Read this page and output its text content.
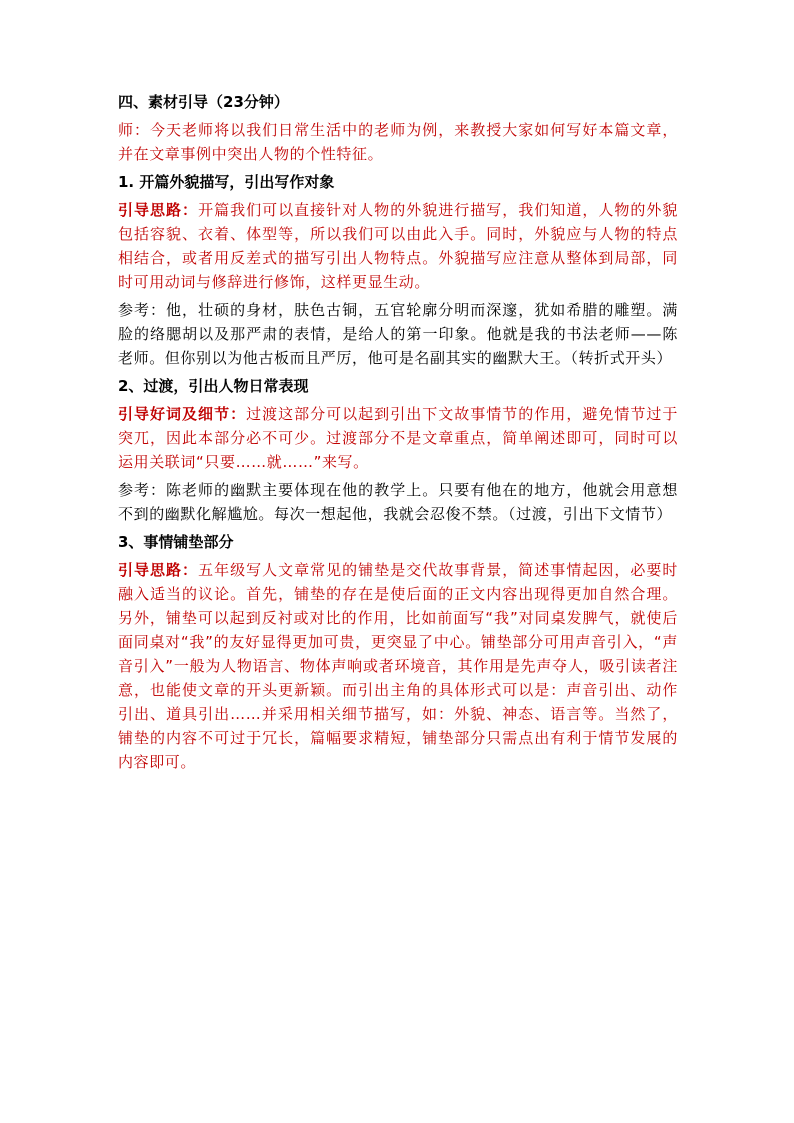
四、素材引导（23分钟）
师：今天老师将以我们日常生活中的老师为例，来教授大家如何写好本篇文章，并在文章事例中突出人物的个性特征。
1. 开篇外貌描写，引出写作对象
引导思路：开篇我们可以直接针对人物的外貌进行描写，我们知道，人物的外貌包括容貌、衣着、体型等，所以我们可以由此入手。同时，外貌应与人物的特点相结合，或者用反差式的描写引出人物特点。外貌描写应注意从整体到局部，同时可用动词与修辞进行修饰，这样更显生动。
参考：他，壮硕的身材，肤色古铜，五官轮廓分明而深邃，犹如希腊的雕塑。满脸的络腮胡以及那严肃的表情，是给人的第一印象。他就是我的书法老师——陈老师。但你别以为他古板而且严厉，他可是名副其实的幽默大王。（转折式开头）
2、过渡，引出人物日常表现
引导好词及细节：过渡这部分可以起到引出下文故事情节的作用，避免情节过于突兀，因此本部分必不可少。过渡部分不是文章重点，简单阐述即可，同时可以运用关联词“只要……就……”来写。
参考：陈老师的幽默主要体现在他的教学上。只要有他在的地方，他就会用意想不到的幽默化解尴尬。每次一想起他，我就会忍俊不禁。（过渡，引出下文情节）
3、事情铺垫部分
引导思路：五年级写人文章常见的铺垫是交代故事背景，简述事情起因，必要时融入适当的议论。首先，铺垫的存在是使后面的正文内容出现得更加自然合理。另外，铺垫可以起到反衬或对比的作用，比如前面写“我”对同桌发脾气，就使后面同桌对“我”的友好显得更加可贵，更突显了中心。铺垫部分可用声音引入，“声音引入”一般为人物语言、物体声响或者环境音，其作用是先声夺人，吸引读者注意，也能使文章的开头更新颖。而引出主角的具体形式可以是：声音引出、动作引出、道具引出……并采用相关细节描写，如：外貌、神态、语言等。当然了，铺垫的内容不可过于冗长，篇幅要求精短，铺垫部分只需点出有利于情节发展的内容即可。
